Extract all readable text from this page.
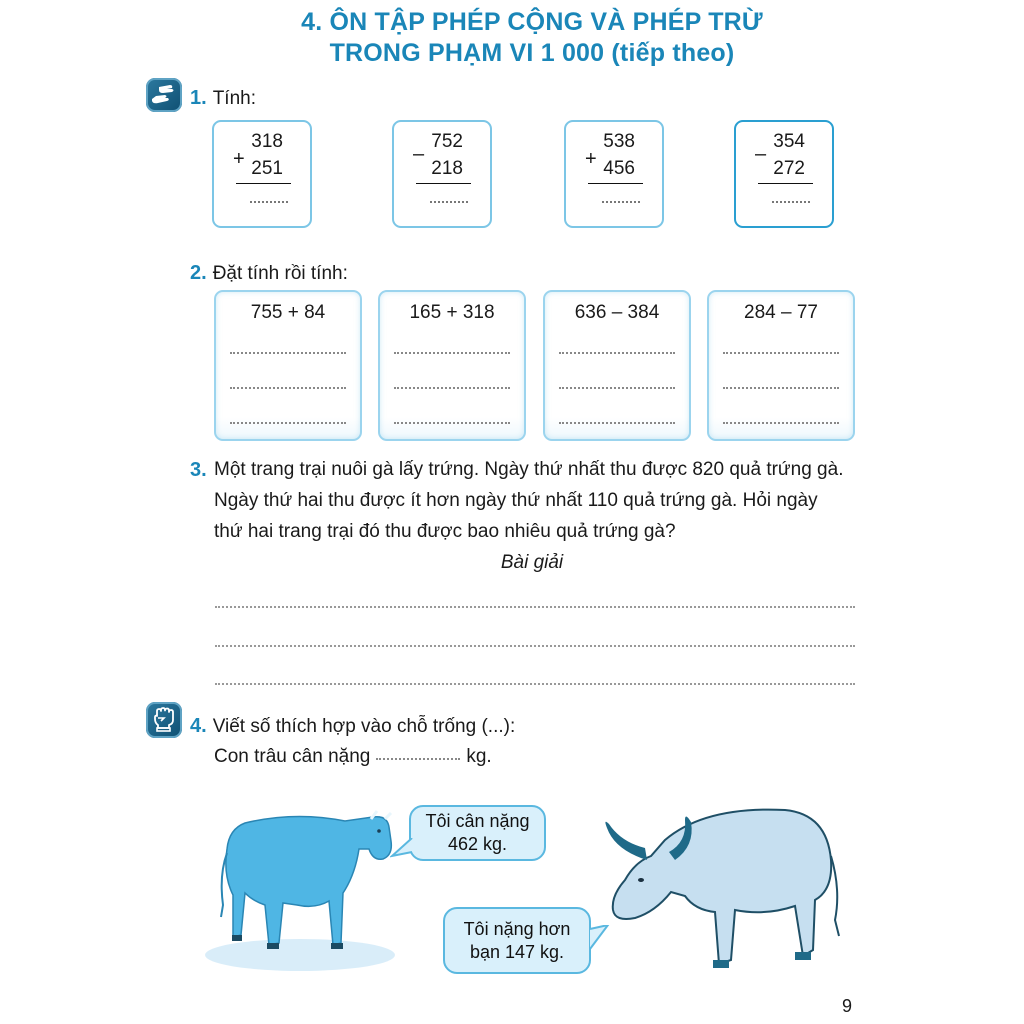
4. ÔN TẬP PHÉP CỘNG VÀ PHÉP TRỪ
TRONG PHẠM VI 1 000 (tiếp theo)
1. Tính:
318
+ 251
752
–
218
538
+ 456
354
–
272
2. Đặt tính rồi tính:
755 + 84	165 + 318	636 – 384	284 – 77
3. Một trang trại nuôi gà lấy trứng. Ngày thứ nhất thu được 820 quả trứng gà.
Ngày thứ hai thu được ít hơn ngày thứ nhất 110 quả trứng gà. Hỏi ngày
thứ hai trang trại đó thu được bao nhiêu quả trứng gà?
Bài giải
4. Viết số thích hợp vào chỗ trống (...):
Con trâu cân nặng	kg.
Tôi cân nặng
462 kg.
Tôi nặng hơn
bạn 147 kg.
9
